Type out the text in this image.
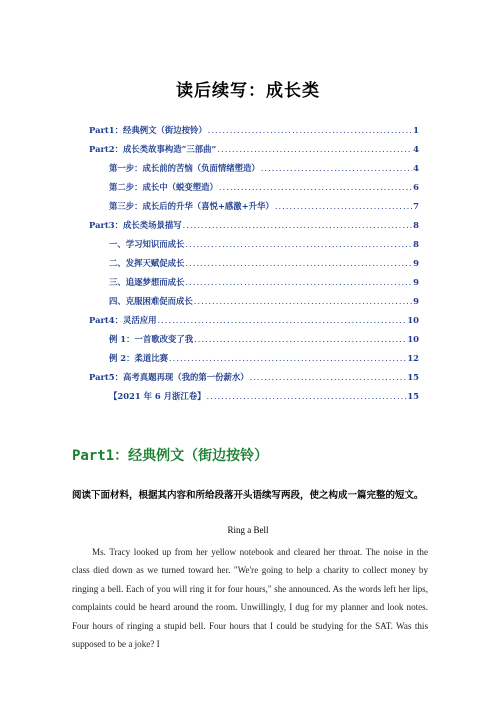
读后续写：成长类
Part1：经典例文（街边按铃） .....	1
Part2：成长类故事构造“三部曲” .....	4
第一步：成长前的苦恼（负面情绪塑造） .....	4
第二步：成长中（蜕变塑造） .....	6
第三步：成长后的升华（喜悦+感激+升华） .....	7
Part3：成长类场景描写 .....	8
一、学习知识而成长 .....	8
二、发挥天赋促成长 .....	9
三、追逐梦想而成长 .....	9
四、克服困难促而成长 .....	9
Part4：灵活应用 .....	10
例 1：一首歌改变了我 .....	10
例 2：柔道比赛 .....	12
Part5：高考真题再现（我的第一份薪水） .....	15
【2021 年 6 月浙江卷】 .....	15
Part1：经典例文（街边按铃）
阅读下面材料，根据其内容和所给段落开头语续写两段，使之构成一篇完整的短文。
Ring a Bell

Ms. Tracy looked up from her yellow notebook and cleared her throat. The noise in the class died down as we turned toward her. "We're going to help a charity to collect money by ringing a bell. Each of you will ring it for four hours," she announced. As the words left her lips, complaints could be heard around the room. Unwillingly, I dug for my planner and look notes. Four hours of ringing a stupid bell. Four hours that I could be studying for the SAT. Was this supposed to be a joke? I
